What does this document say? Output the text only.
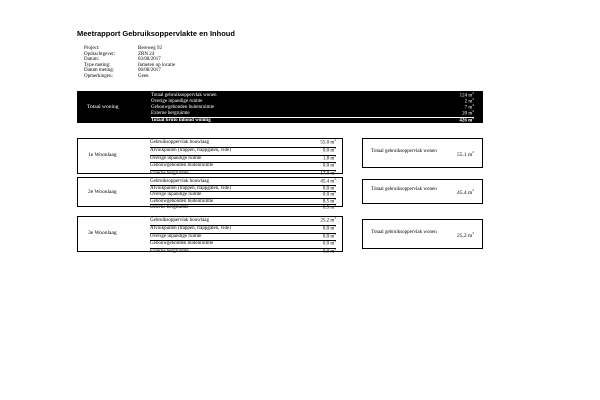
Meetrapport Gebruiksoppervlakte en Inhoud
Project:	Bereweg 92
Opdrachtgever:	ZRN 24
Datum:	03/08/2017
Type meting:	Inmeten op locatie
Datum meting:	06/08/2017
Opmerkingen:	Geen
Totaal woning
Totaal gebruiksoppervlak wonen	124 $m^2$
Overige inpandige ruimte	2 $m^2$
Gebouwgebonden buitenruimte	7 $m^2$
Externe bergruimte	20 $m^2$
Totaal bruto inhoud woning	426 $m^2$
1e Woonlaag
Gebruiksoppervlak bouwlaag	55.0 $m^2$
Afvoikpuiten (trappen, trappgaten, vide)	0.0 $m^2$
Overige inpandige ruimte	1.8 $m^2$
Gebouwgebonden buitenruimte	0.0 $m^2$
Externe bergruimte	17.0 $m^2$
Totaal gebruiksoppervlak wonen
55.1 $m^2$
2e Woonlaag
Gebruiksoppervlak bouwlaag	45.4 $m^2$
Afvoikpuiten (trappen, trappgaten, vide)	0.0 $m^2$
Overige inpandige ruimte	0.0 $m^2$
Gebouwgebonden buitenruimte	8.5 $m^2$
Externe bergruimte	8.5 $m^2$
Totaal gebruiksoppervlak wonen
45.4 $m^2$
3e Woonlaag
Gebruiksoppervlak bouwlaag	25.2 $m^2$
Afvoikpuiten (trappen, trappgaten, vide)	0.0 $m^2$
Overige inpandige ruimte	0.0 $m^2$
Gebouwgebonden buitenruimte	0.0 $m^2$
Externe bergruimte	0.0 $m^2$
Totaal gebruiksoppervlak wonen
25.2 $m^2$
